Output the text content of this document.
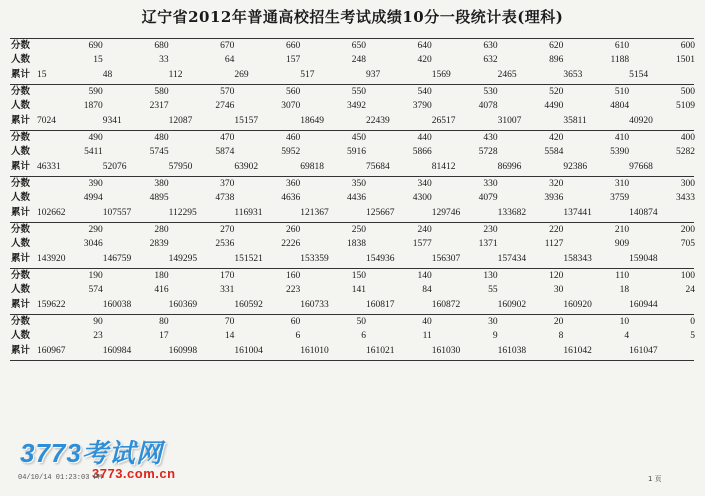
辽宁省2012年普通高校招生考试成绩10分一段统计表(理科)
分数	690	680	670	660	650	640	630	620	610	600
人数	15	33	64	157	248	420	632	896	1188	1501
累计 15	48	112	269	517	937	1569	2465	3653	5154
分数	590	580	570	560	550	540	530	520	510	500
人数	1870	2317	2746	3070	3492	3790	4078	4490	4804	5109
累计 7024	9341	12087	15157	18649	22439	26517	31007	35811	40920
分数	490	480	470	460	450	440	430	420	410	400
人数	5411	5745	5874	5952	5916	5866	5728	5584	5390	5282
累计 46331	52076	57950	63902	69818	75684	81412	86996	92386	97668
分数	390	380	370	360	350	340	330	320	310	300
人数	4994	4895	4738	4636	4436	4300	4079	3936	3759	3433
累计 102662	107557	112295	116931	121367	125667	129746	133682	137441	140874
分数	290	280	270	260	250	240	230	220	210	200
人数	3046	2839	2536	2226	1838	1577	1371	1127	909	705
累计 143920	146759	149295	151521	153359	154936	156307	157434	158343	159048
分数	190	180	170	160	150	140	130	120	110	100
人数	574	416	331	223	141	84	55	30	18	24
累计 159622	160038	160369	160592	160733	160817	160872	160902	160920	160944
分数	90	80	70	60	50	40	30	20	10	0
人数	23	17	14	6	6	11	9	8	4	5
累计 160967	160984	160998	161004	161010	161021	161030	161038	161042	161047
3773考试网
3773.com.cn
04/10/14 01:23:03 PM	1 页
